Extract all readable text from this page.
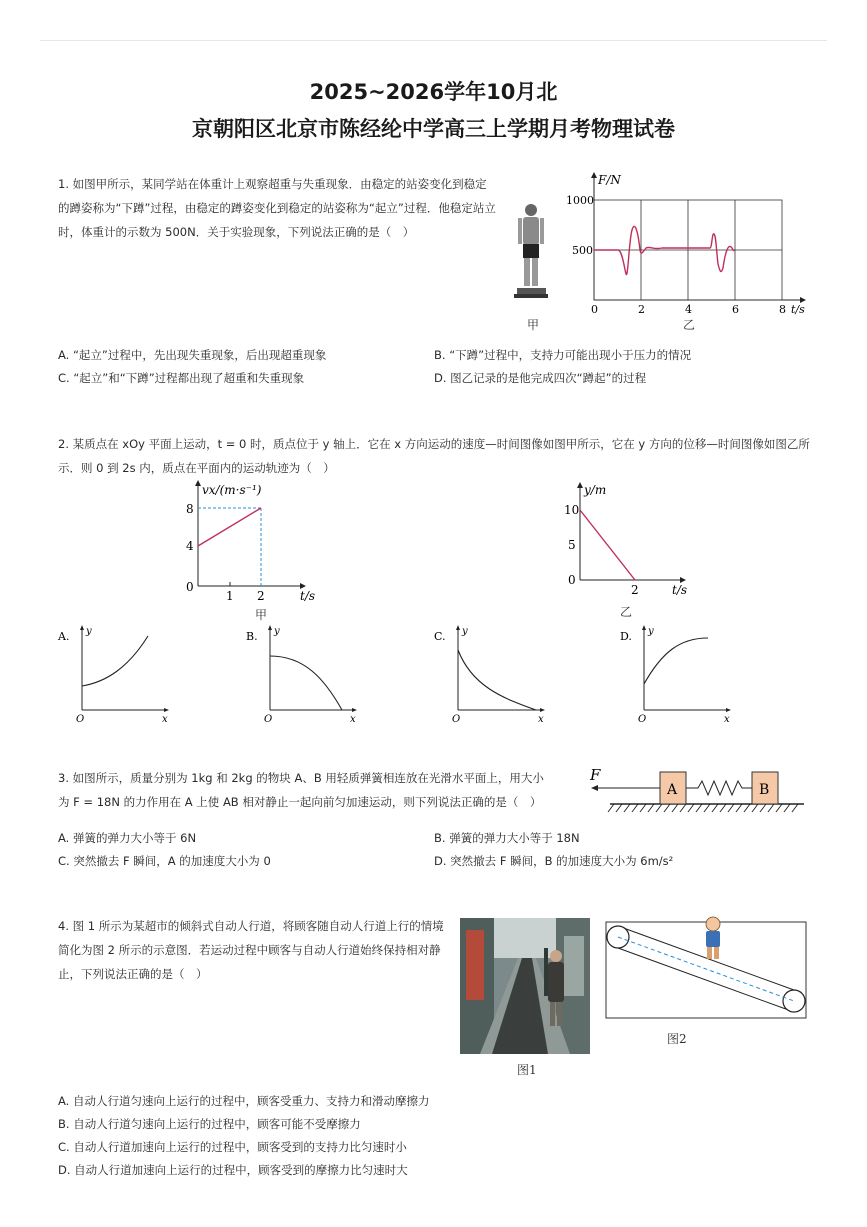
2025~2026学年10月北
京朝阳区北京市陈经纶中学高三上学期月考物理试卷
1. 如图甲所示，某同学站在体重计上观察超重与失重现象．由稳定的站姿变化到稳定的蹲姿称为“下蹲”过程，由稳定的蹲姿变化到稳定的站姿称为“起立”过程．他稳定站立时，体重计的示数为 500N．关于实验现象，下列说法正确的是（　）
甲
F/N
1000
500
0	2	4	6	8 t/s
乙
A. “起立”过程中，先出现失重现象，后出现超重现象	B. “下蹲”过程中，支持力可能出现小于压力的情况
C. “起立”和“下蹲”过程都出现了超重和失重现象	D. 图乙记录的是他完成四次“蹲起”的过程
2. 某质点在 xOy 平面上运动，t = 0 时，质点位于 y 轴上．它在 x 方向运动的速度—时间图像如图甲所示，它在 y 方向的位移—时间图像如图乙所示．则 0 到 2s 内，质点在平面内的运动轨迹为（　）
vx/(m·s⁻¹)
8
4
0
1 2	t/s
甲
y/m
10
5
0
2	t/s
乙
A. y
x
O
B. y
x
O
C. y
x
O
D. y
x
O
3. 如图所示，质量分别为 1kg 和 2kg 的物块 A、B 用轻质弹簧相连放在光滑水平面上，用大小为 F = 18N 的力作用在 A 上使 AB 相对静止一起向前匀加速运动，则下列说法正确的是（　）
F
A	B
A. 弹簧的弹力大小等于 6N	B. 弹簧的弹力大小等于 18N
C. 突然撤去 F 瞬间，A 的加速度大小为 0	D. 突然撤去 F 瞬间，B 的加速度大小为 6m/s²
4. 图 1 所示为某超市的倾斜式自动人行道，将顾客随自动人行道上行的情境简化为图 2 所示的示意图．若运动过程中顾客与自动人行道始终保持相对静止，下列说法正确的是（　）
图1
图2
A. 自动人行道匀速向上运行的过程中，顾客受重力、支持力和滑动摩擦力
B. 自动人行道匀速向上运行的过程中，顾客可能不受摩擦力
C. 自动人行道加速向上运行的过程中，顾客受到的支持力比匀速时小
D. 自动人行道加速向上运行的过程中，顾客受到的摩擦力比匀速时大
